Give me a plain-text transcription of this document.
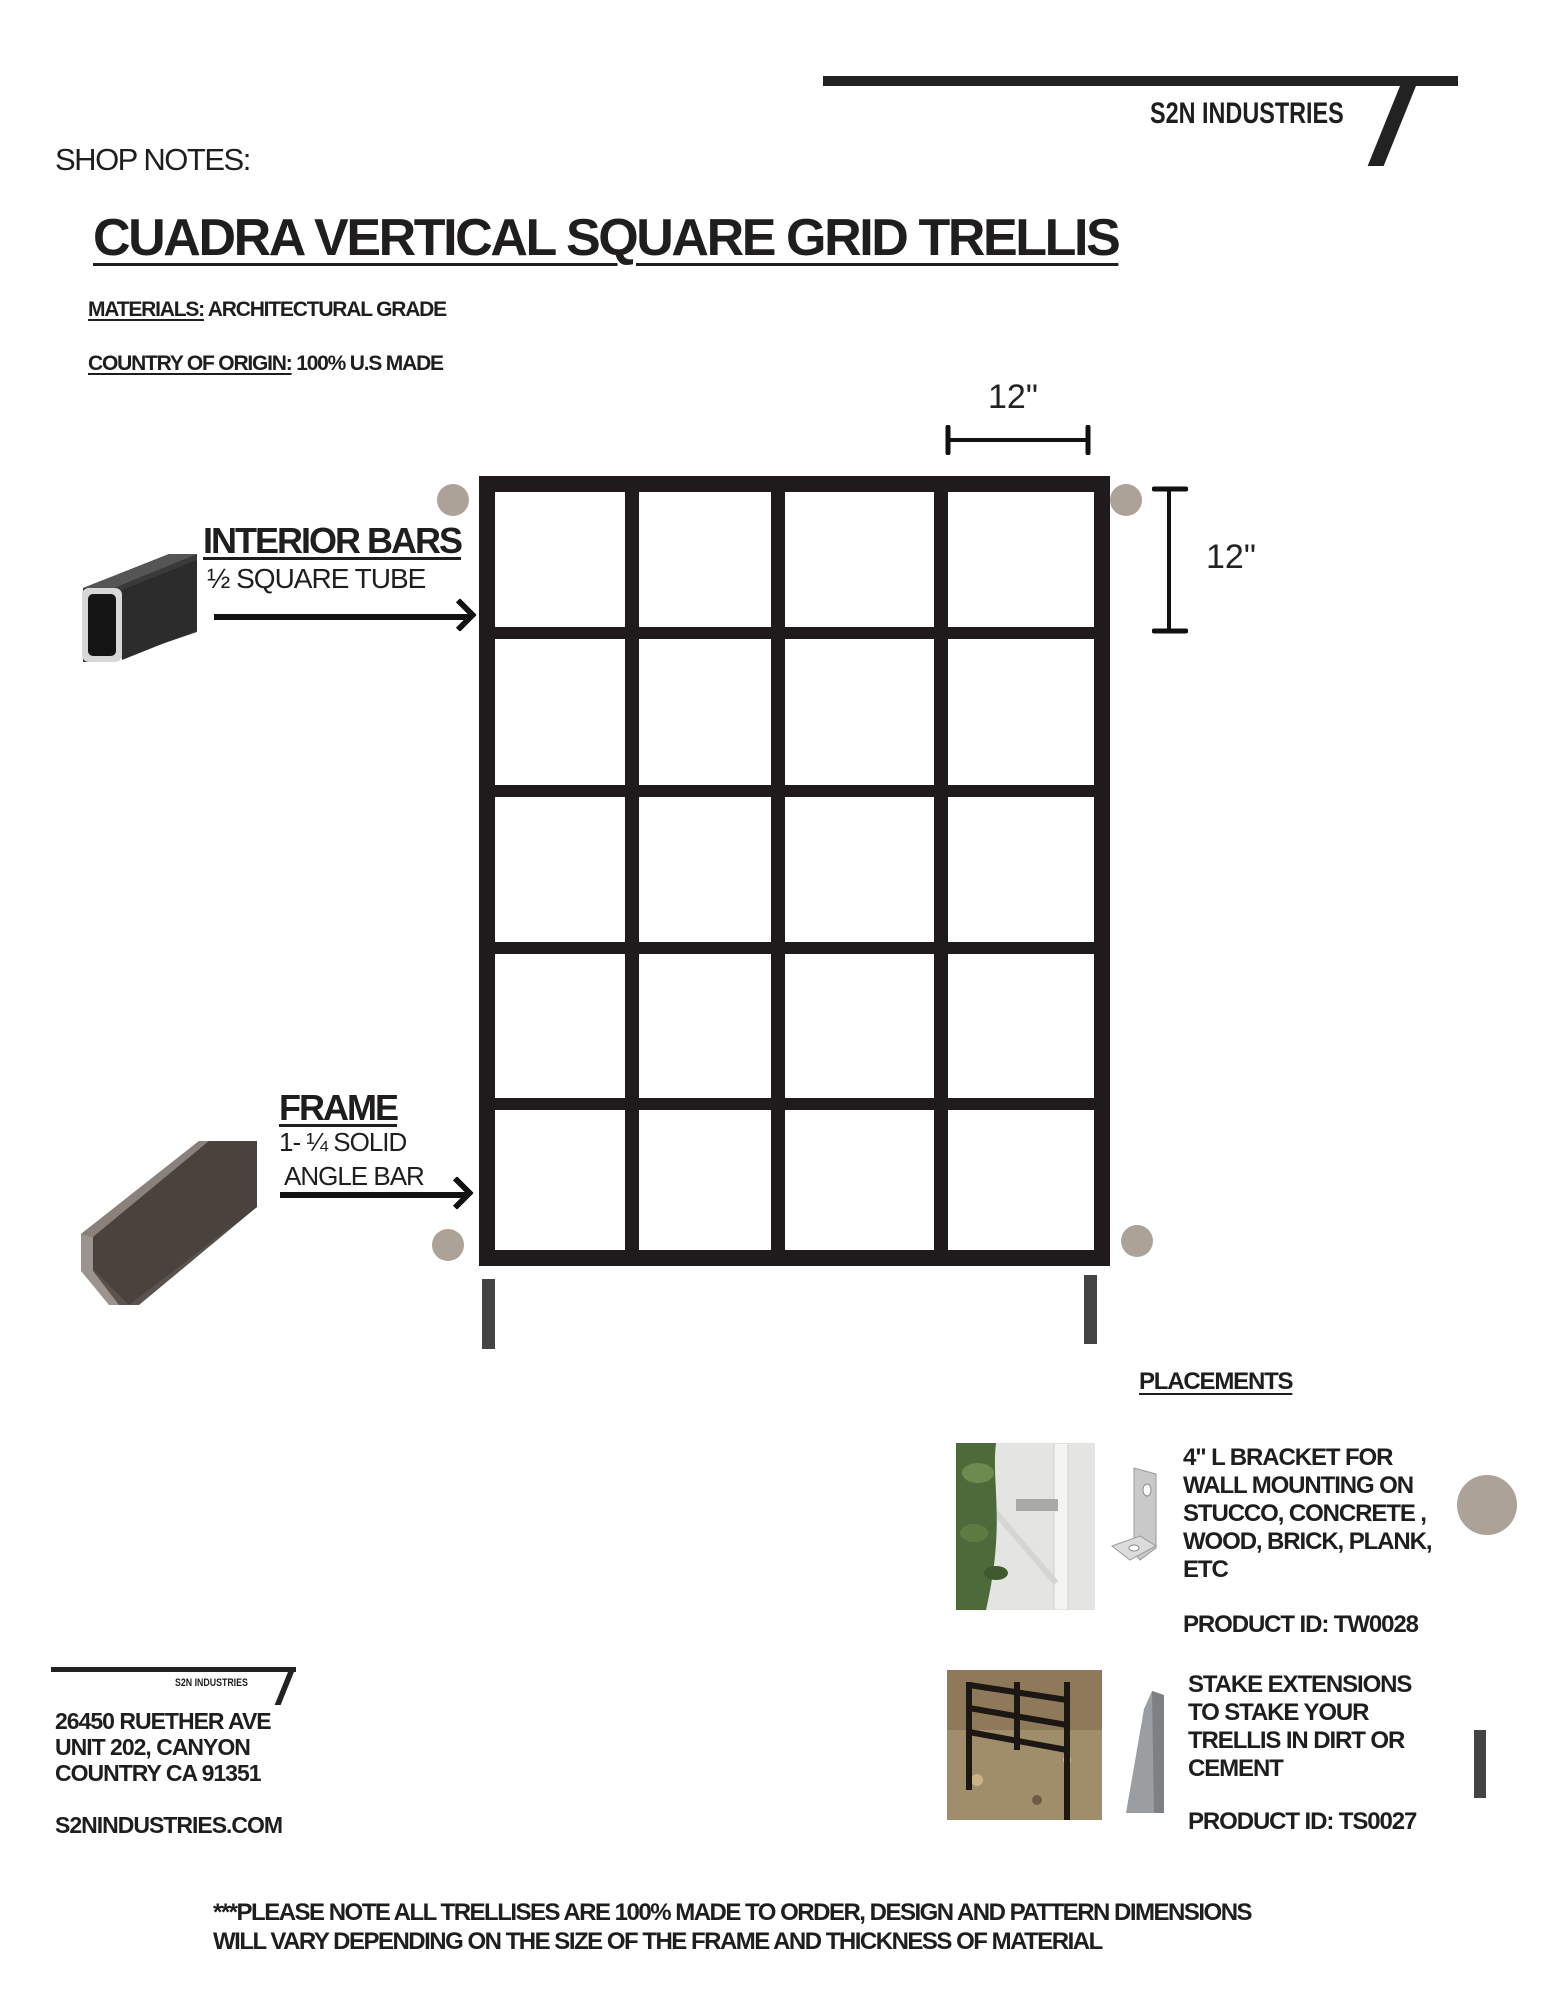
S2N INDUSTRIES
SHOP NOTES:
CUADRA VERTICAL SQUARE GRID TRELLIS
MATERIALS: ARCHITECTURAL GRADE
COUNTRY OF ORIGIN: 100% U.S MADE
12"
12"
INTERIOR BARS
½ SQUARE TUBE
FRAME
1- ¼ SOLID
ANGLE BAR
PLACEMENTS
4" L BRACKET FOR
WALL MOUNTING ON
STUCCO, CONCRETE ,
WOOD, BRICK, PLANK,
ETC
PRODUCT ID: TW0028
STAKE EXTENSIONS
TO STAKE YOUR
TRELLIS IN DIRT OR
CEMENT
PRODUCT ID: TS0027
S2N INDUSTRIES
26450 RUETHER AVE
UNIT 202, CANYON
COUNTRY CA 91351
S2NINDUSTRIES.COM
***PLEASE NOTE ALL TRELLISES ARE 100% MADE TO ORDER, DESIGN AND PATTERN DIMENSIONS
WILL VARY DEPENDING ON THE SIZE OF THE FRAME AND THICKNESS OF MATERIAL
